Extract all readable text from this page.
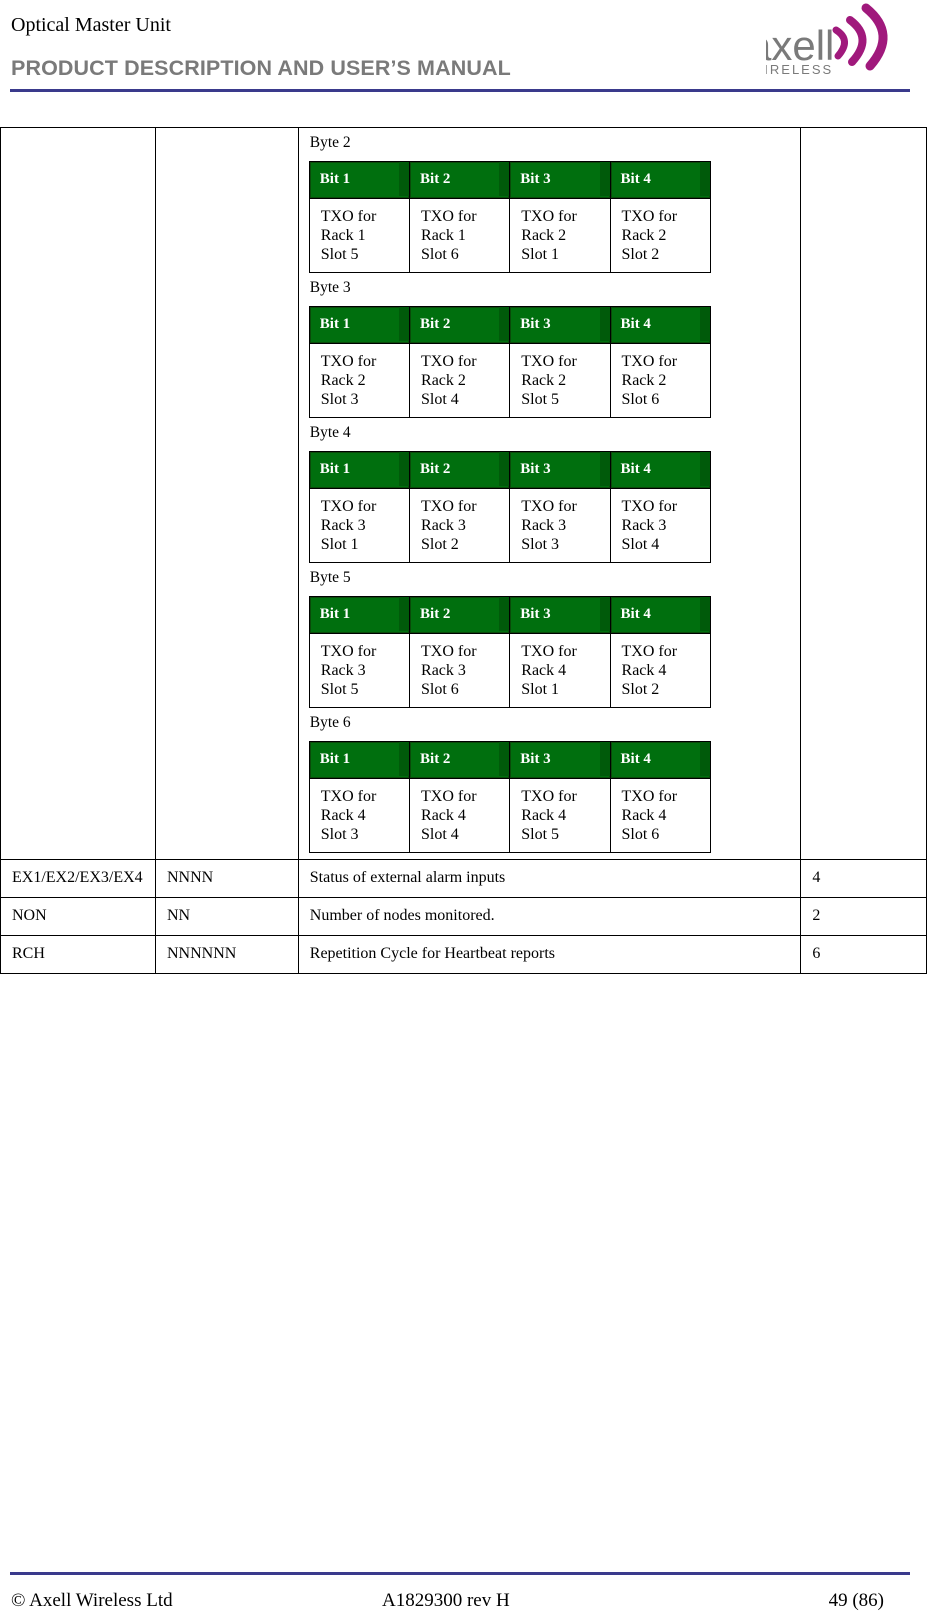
Optical Master Unit
PRODUCT DESCRIPTION AND USER’S MANUAL	xell
IRELESS

Byte 2
Bit 1	Bit 2	Bit 3	Bit 4

TXO for
Rack 1
Slot 5

TXO for
Rack 1
Slot 6

TXO for
Rack 2
Slot 1

TXO for
Rack 2
Slot 2
Byte 3
Bit 1	Bit 2	Bit 3	Bit 4

TXO for
Rack 2
Slot 3

TXO for
Rack 2
Slot 4

TXO for
Rack 2
Slot 5

TXO for
Rack 2
Slot 6
Byte 4
Bit 1	Bit 2	Bit 3	Bit 4

TXO for
Rack 3
Slot 1

TXO for
Rack 3
Slot 2

TXO for
Rack 3
Slot 3

TXO for
Rack 3
Slot 4
Byte 5
Bit 1	Bit 2	Bit 3	Bit 4

TXO for
Rack 3
Slot 5

TXO for
Rack 3
Slot 6

TXO for
Rack 4
Slot 1

TXO for
Rack 4
Slot 2
Byte 6
Bit 1	Bit 2	Bit 3	Bit 4

TXO for
Rack 4
Slot 3

TXO for
Rack 4
Slot 4

TXO for
Rack 4
Slot 5

TXO for
Rack 4
Slot 6

EX1/EX2/EX3/EX4	NNNN	Status of external alarm inputs	4
NON	NN	Number of nodes monitored.	2
RCH	NNNNNN	Repetition Cycle for Heartbeat reports	6
© Axell Wireless Ltd	A1829300 rev H	49 (86)
